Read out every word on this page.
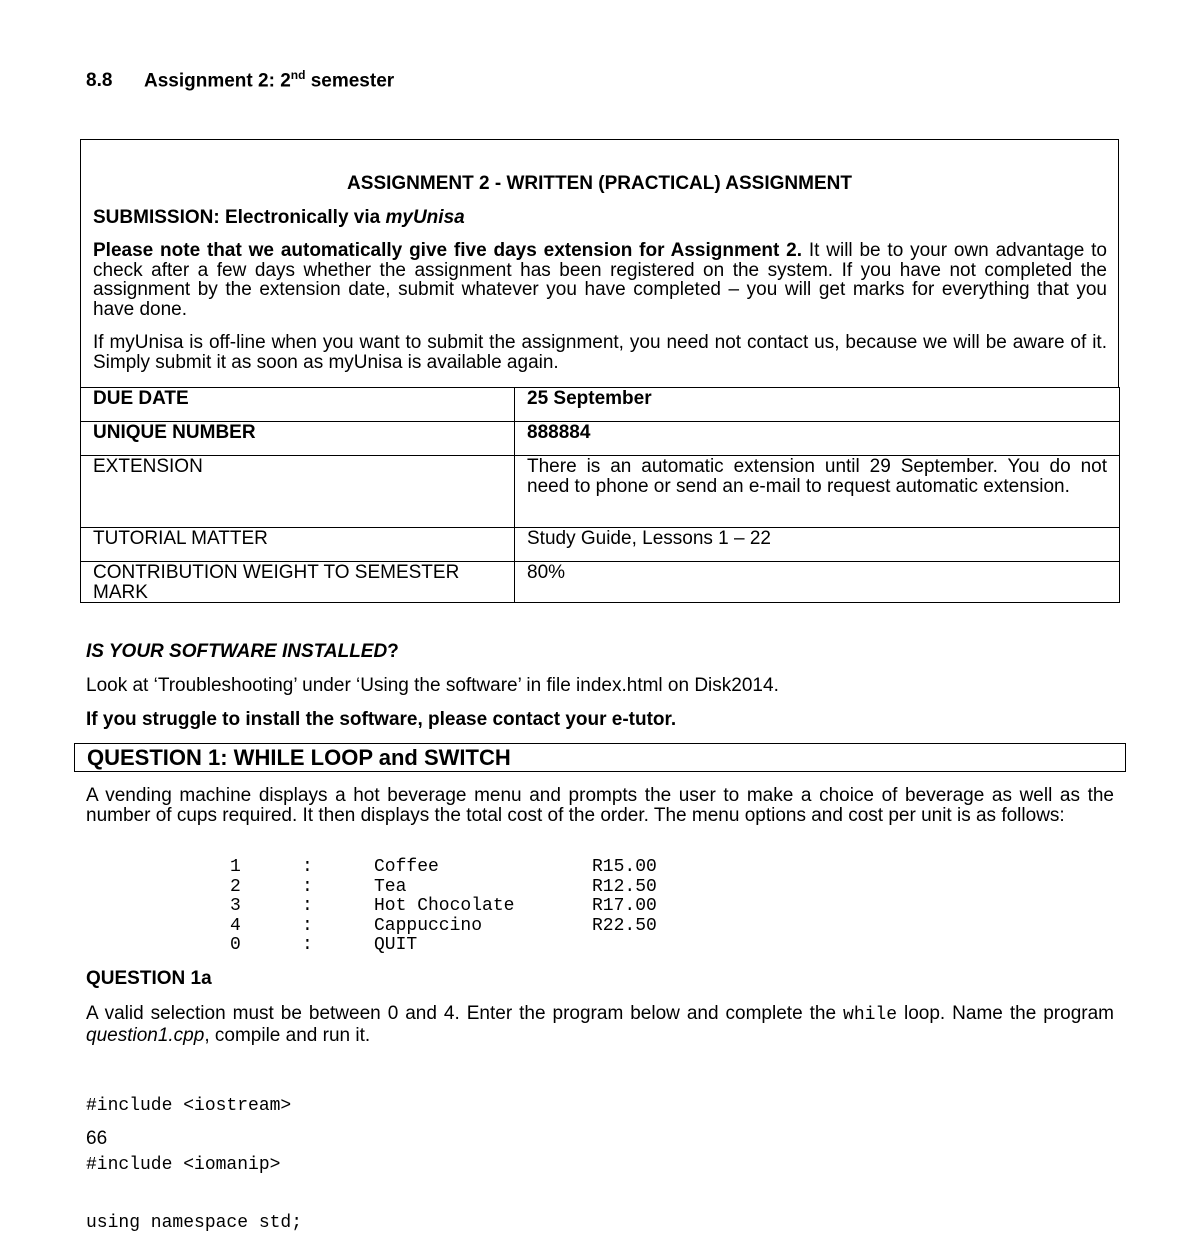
8.8 Assignment 2: 2nd semester
ASSIGNMENT 2 - WRITTEN (PRACTICAL) ASSIGNMENT
SUBMISSION: Electronically via myUnisa
Please note that we automatically give five days extension for Assignment 2. It will be to your own advantage to check after a few days whether the assignment has been registered on the system. If you have not completed the assignment by the extension date, submit whatever you have completed – you will get marks for everything that you have done.
If myUnisa is off-line when you want to submit the assignment, you need not contact us, because we will be aware of it. Simply submit it as soon as myUnisa is available again.
DUE DATE	25 September
UNIQUE NUMBER	888884
EXTENSION	There is an automatic extension until 29 September. You do not need to phone or send an e-mail to request automatic extension.
TUTORIAL MATTER	Study Guide, Lessons 1 – 22
CONTRIBUTION WEIGHT TO SEMESTER MARK	80%
IS YOUR SOFTWARE INSTALLED?
Look at ‘Troubleshooting’ under ‘Using the software’ in file index.html on Disk2014.
If you struggle to install the software, please contact your e-tutor.
QUESTION 1: WHILE LOOP and SWITCH
A vending machine displays a hot beverage menu and prompts the user to make a choice of beverage as well as the number of cups required. It then displays the total cost of the order. The menu options and cost per unit is as follows:
1	:	Coffee	R15.00
2	:	Tea	R12.50
3	:	Hot Chocolate	R17.00
4	:	Cappuccino	R22.50
0	:	QUIT
QUESTION 1a
A valid selection must be between 0 and 4. Enter the program below and complete the while loop. Name the program question1.cpp, compile and run it.

#include <iostream>

#include <iomanip>

using namespace std;

66
